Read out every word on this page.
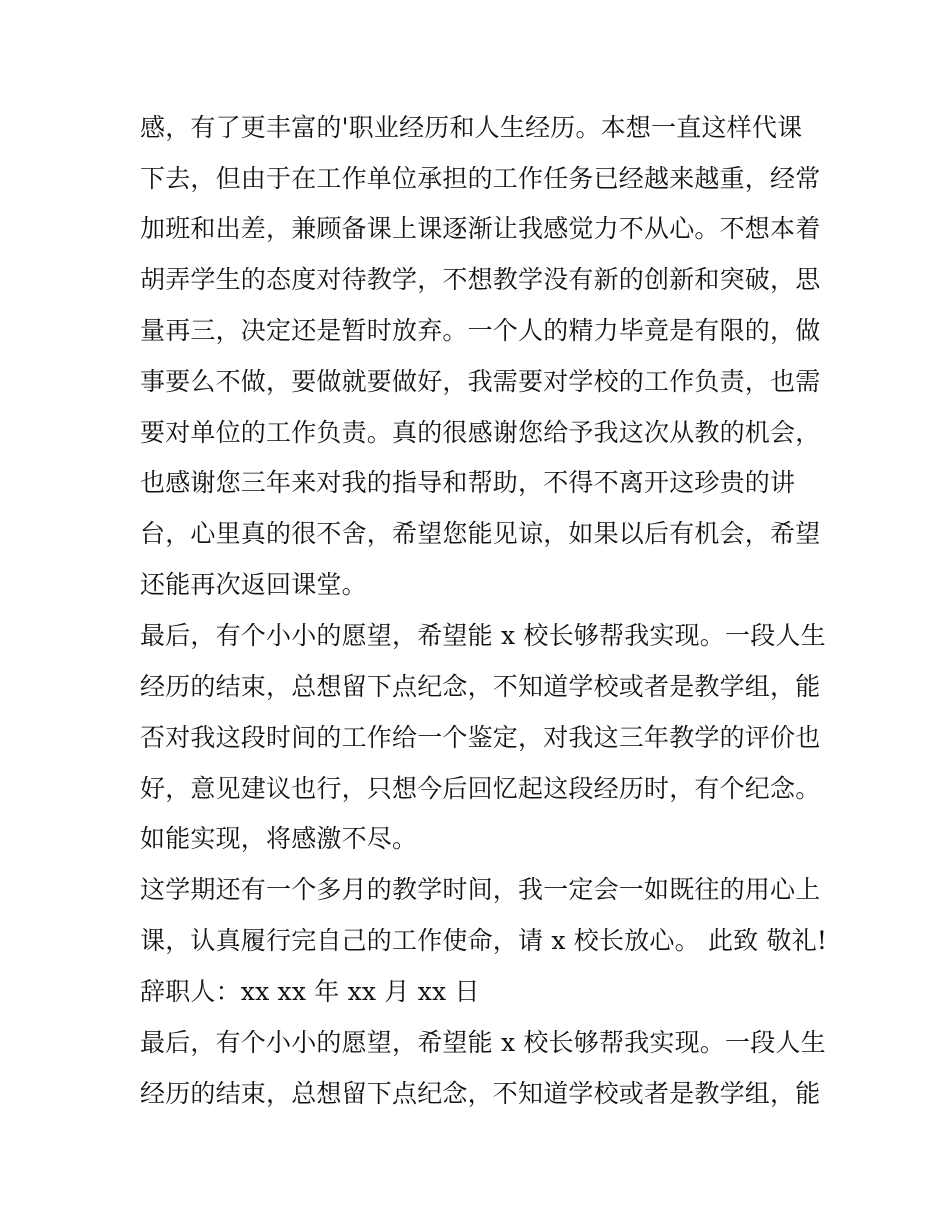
感，有了更丰富的'职业经历和人生经历。本想一直这样代课
下去，但由于在工作单位承担的工作任务已经越来越重，经常
加班和出差，兼顾备课上课逐渐让我感觉力不从心。不想本着
胡弄学生的态度对待教学，不想教学没有新的创新和突破，思
量再三，决定还是暂时放弃。一个人的精力毕竟是有限的，做
事要么不做，要做就要做好，我需要对学校的工作负责，也需
要对单位的工作负责。真的很感谢您给予我这次从教的机会，
也感谢您三年来对我的指导和帮助，不得不离开这珍贵的讲
台，心里真的很不舍，希望您能见谅，如果以后有机会，希望
还能再次返回课堂。
最后，有个小小的愿望，希望能 x 校长够帮我实现。一段人生
经历的结束，总想留下点纪念，不知道学校或者是教学组，能
否对我这段时间的工作给一个鉴定，对我这三年教学的评价也
好，意见建议也行，只想今后回忆起这段经历时，有个纪念。
如能实现，将感激不尽。
这学期还有一个多月的教学时间，我一定会一如既往的用心上
课，认真履行完自己的工作使命，请 x 校长放心。 此致 敬礼!
辞职人：xx xx 年 xx 月 xx 日
最后，有个小小的愿望，希望能 x 校长够帮我实现。一段人生
经历的结束，总想留下点纪念，不知道学校或者是教学组，能
